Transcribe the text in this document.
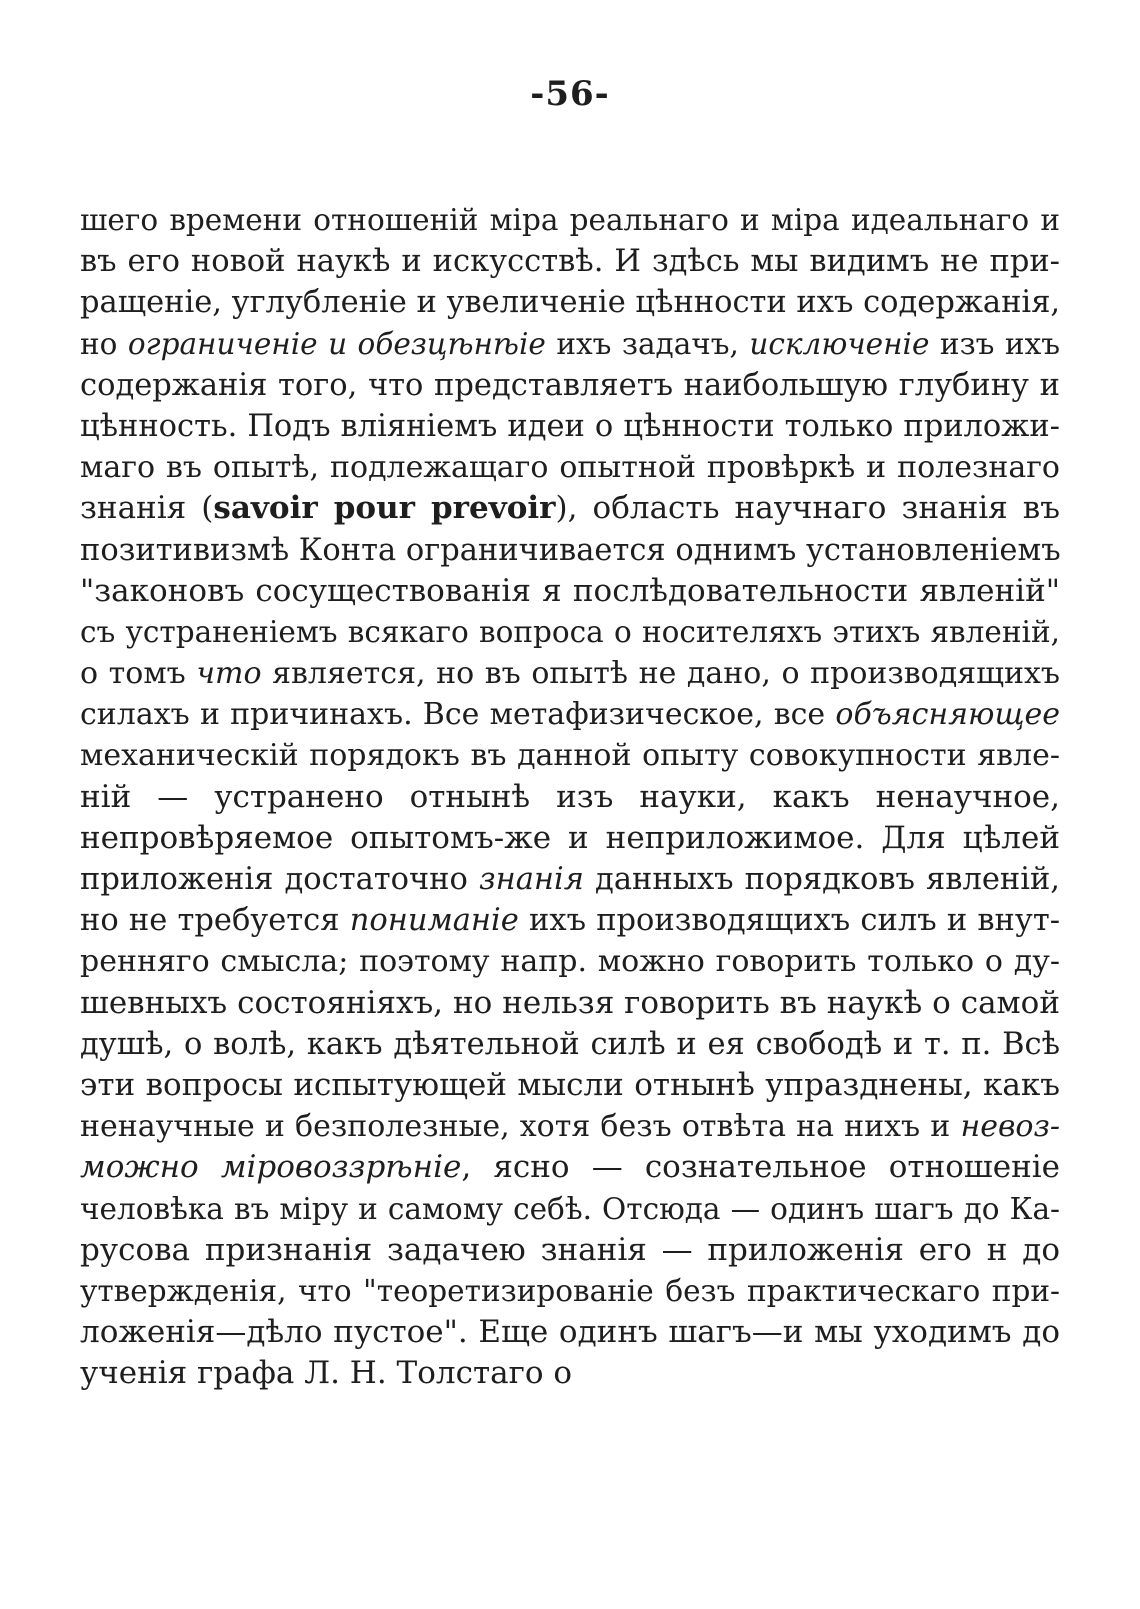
-56-
шего времени отношенiй мiра реальнаго и мiра идеальнаго и
въ его новой наукѣ и искусствѣ. И здѣсь мы видимъ не при-
ращенiе, углубленiе и увеличенiе цѣнности ихъ содержанiя,
но ограниченiе и обезцѣнѣiе ихъ задачъ, исключенiе изъ ихъ
содержанiя того, что представляетъ наибольшую глубину и
цѣнность. Подъ влiянiемъ идеи о цѣнности только приложи-
маго въ опытѣ, подлежащаго опытной провѣркѣ и полезнаго
знанiя (savoir pour prevoir), область научнаго знанiя въ
позитивизмѣ Конта ограничивается однимъ установленiемъ
"законовъ сосуществованiя я послѣдовательности явленiй"
съ устраненiемъ всякаго вопроса о носителяхъ этихъ явленiй,
о томъ что является, но въ опытѣ не дано, о производящихъ
силахъ и причинахъ. Все метафизическое, все объясняющее
механическiй порядокъ въ данной опыту совокупности явле-
нiй — устранено отнынѣ изъ науки, какъ ненаучное,
непровѣряемое опытомъ-же и неприложимое. Для цѣлей
приложенiя достаточно знанiя данныхъ порядковъ явленiй,
но не требуется пониманiе ихъ производящихъ силъ и внут-
ренняго смысла; поэтому напр. можно говорить только о ду-
шевныхъ состоянiяхъ, но нельзя говорить въ наукѣ о самой
душѣ, о волѣ, какъ дѣятельной силѣ и ея свободѣ и т. п. Всѣ
эти вопросы испытующей мысли отнынѣ упразднены, какъ
ненаучные и безполезные, хотя безъ отвѣта на нихъ и невоз-
можно мiровоззрѣнiе, ясно — сознательное отношенiе
человѣка въ мiру и самому себѣ. Отсюда — одинъ шагъ до Ка-
русова признанiя задачею знанiя — приложенiя его н до
утвержденiя, что "теоретизированiе безъ практическаго при-
ложенiя—дѣло пустое". Еще одинъ шагъ—и мы уходимъ до
ученiя графа Л. Н. Толстаго о
